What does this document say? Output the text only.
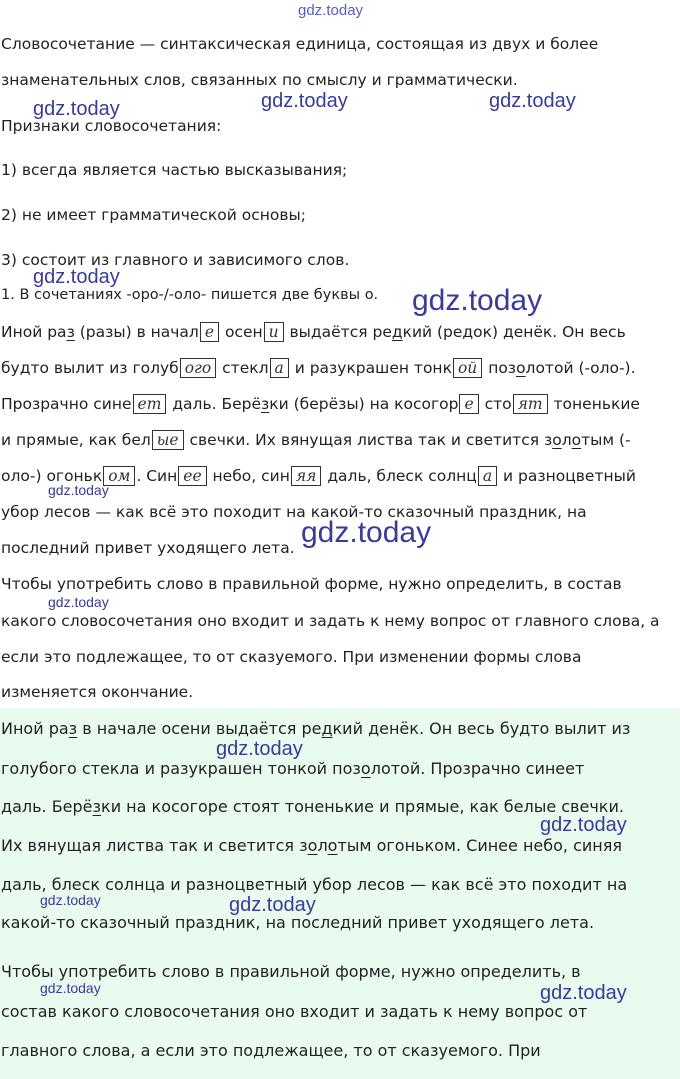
gdz.today
gdz.today	gdz.today	gdz.today
gdz.today
gdz.today
gdz.today
gdz.today
gdz.today
gdz.today
gdz.today
gdz.today	gdz.today
gdz.today	gdz.today
Словосочетание — синтаксическая единица, состоящая из двух и более
знаменательных слов, связанных по смыслу и грамматически.
Признаки словосочетания:
1) всегда является частью высказывания;
2) не имеет грамматической основы;
3) состоит из главного и зависимого слов.
1. В сочетаниях -оро-/-оло- пишется две буквы о.
Иной раз (разы) в начал е осен и выдаётся редкий (редок) денёк. Он весь
будто вылит из голуб ого стекл а и разукрашен тонк ой позолотой (-оло-).
Прозрачно сине ет даль. Берёзки (берёзы) на косогор е сто ят тоненькие
и прямые, как бел ые свечки. Их вянущая листва так и светится золотым (-
оло-) огоньк ом . Син ее небо, син яя даль, блеск солнц а и разноцветный
убор лесов — как всё это походит на какой-то сказочный праздник, на
последний привет уходящего лета.
Чтобы употребить слово в правильной форме, нужно определить, в состав
какого словосочетания оно входит и задать к нему вопрос от главного слова, а
если это подлежащее, то от сказуемого. При изменении формы слова
изменяется окончание.
Иной раз в начале осени выдаётся редкий денёк. Он весь будто вылит из
голубого стекла и разукрашен тонкой позолотой. Прозрачно синеет
даль. Берёзки на косогоре стоят тоненькие и прямые, как белые свечки.
Их вянущая листва так и светится золотым огоньком. Синее небо, синяя
даль, блеск солнца и разноцветный убор лесов — как всё это походит на
какой-то сказочный праздник, на последний привет уходящего лета.
Чтобы употребить слово в правильной форме, нужно определить, в
состав какого словосочетания оно входит и задать к нему вопрос от
главного слова, а если это подлежащее, то от сказуемого. При
